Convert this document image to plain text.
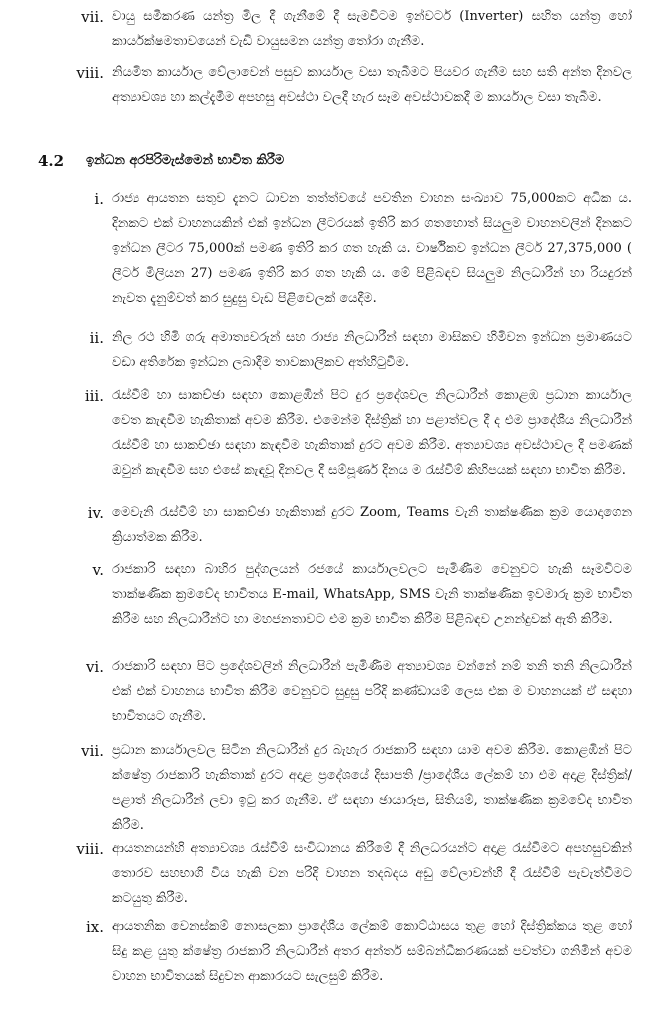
vii. වායු සමීකරණ යන්ත්‍ර මිල දී ගැනීමේ දී සැමවිටම ඉන්වටර් (Inverter) සහිත යන්ත්‍ර හෝ කාර්යක්ෂමතාවයෙන් වැඩි වායුසමන යන්ත්‍ර තෝරා ගැනීම.
viii. නියමිත කාර්යාල වේලාවෙන් පසුව කාර්යාල වසා තැබීමට පියවර ගැනීම සහ සති අන්ත දිනවල අත්‍යාවශ්‍ය හා කල්දැමීම අපහසු අවස්ථා වලදී හැර සෑම අවස්ථාවකදී ම කාර්යාල වසා තැබීම.
4.2 ඉන්ධන අරපිරිමැස්මෙන් භාවිත කිරීම
i. රාජ්‍ය ආයතන සතුව දැනට ධාවන තත්ත්වයේ පවතින වාහන සංඛ්‍යාව 75,000කට අධික ය. දිනකට එක් වාහනයකින් එක් ඉන්ධන ලීටරයක් ඉතිරි කර ගතහොත් සියලුම වාහනවලින් දිනකට ඉන්ධන ලීටර 75,000ක් පමණ ඉතිරි කර ගත හැකි ය. වාර්ෂිකව ඉන්ධන ලීටර් 27,375,000 ( ලීටර් මිලියන 27) පමණ ඉතිරි කර ගත හැකි ය. මේ පිළිබඳව සියලුම නිලධාරීන් හා රියදුරන් නැවත දැනුම්වත් කර සුදුසු වැඩ පිළිවෙලක් යෙදීම.
ii. නිල රථ හිමි ගරු අමාත්‍යවරුන් සහ රාජ්‍ය නිලධාරීන් සඳහා මාසිකව හිමිවන ඉන්ධන ප්‍රමාණයට වඩා අතිරේක ඉන්ධන ලබාදීම තාවකාලිකව අත්හිටුවීම.
iii. රැස්වීම් හා සාකච්ඡා සඳහා කොළඹින් පිට දුර ප්‍රදේශවල නිලධාරීන් කොළඹ ප්‍රධාන කාර්යාල වෙත කැඳවීම හැකිතාක් අවම කිරීම. එමෙන්ම දිස්ත්‍රික් හා පළාත්වල දී ද එම ප්‍රාදේශීය නිලධාරීන් රැස්වීම් හා සාකච්ඡා සඳහා කැඳවීම හැකිතාක් දුරට අවම කිරීම. අත්‍යාවශ්‍ය අවස්ථාවල දී පමණක් ඔවුන් කැඳවීම සහ එසේ කැඳවූ දිනවල දී සම්පූර්ණ දිනය ම රැස්වීම් කිහිපයක් සඳහා භාවිත කිරීම.
iv. මෙවැනි රැස්වීම් හා සාකච්ඡා හැකිතාක් දුරට Zoom, Teams වැනි තාක්ෂණික ක්‍රම යොදාගෙන ක්‍රියාත්මක කිරීම.
v. රාජකාරි සඳහා බාහිර පුද්ගලයන් රජයේ කාර්යාලවලට පැමිණීම වෙනුවට හැකි සෑමවිටම තාක්ෂණික ක්‍රමවේද භාවිතය E-mail, WhatsApp, SMS වැනි තාක්ෂණික ඉවමාරු ක්‍රම භාවිත කිරීම සහ නිලධාරීන්ට හා මහජනතාවට එම ක්‍රම භාවිත කිරීම පිළිබඳව උනන්දුවක් ඇති කිරීම.
vi. රාජකාරි සඳහා පිට ප්‍රදේශවලින් නිලධාරීන් පැමිණීම අත්‍යාවශ්‍ය වන්නේ නම් තනි තනි නිලධාරීන් එක් එක් වාහනය භාවිත කිරීම වෙනුවට සුදුසු පරිදි කණ්ඩායම් ලෙස එක ම වාහනයක් ඒ සඳහා භාවිතයට ගැනීම.
vii. ප්‍රධාන කාර්යාලවල සිටින නිලධාරීන් දුර බැහැර රාජකාරි සඳහා යාම අවම කිරීම. කොළඹින් පිට ක්ෂේත්‍ර රාජකාරි හැකිතාක් දුරට අදාළ ප්‍රදේශයේ දිසාපති /ප්‍රාදේශීය ලේකම් හා එම අදාළ දිස්ත්‍රික්/ පළාත් නිලධාරීන් ලවා ඉටු කර ගැනීම. ඒ සඳහා ඡායාරූප, සිතියම්, තාක්ෂණික ක්‍රමවේද භාවිත කිරීම.
viii. ආයතනයන්හි අත්‍යාවශ්‍ය රැස්වීම් සංවිධානය කිරීමේ දී නිලධරයන්ට අදාළ රැස්වීමට අපහසුවකින් තොරව සහභාගි විය හැකි වන පරිදි වාහන තදබදය අඩු වේලාවන්හි දී රැස්වීම් පැවැත්වීමට කටයුතු කිරීම.
ix. ආයතනික වෙනස්කම් නොසලකා ප්‍රාදේශීය ලේකම් කොට්ඨාසය තුළ හෝ දිස්ත්‍රික්කය තුළ හෝ සිදු කළ යුතු ක්ෂේත්‍ර රාජකාරි නිලධාරීන් අතර අන්තර් සම්බන්ධීකරණයක් පවත්වා ගනිමින් අවම වාහන භාවිතයක් සිදුවන ආකාරයට සැලසුම් කිරීම.
